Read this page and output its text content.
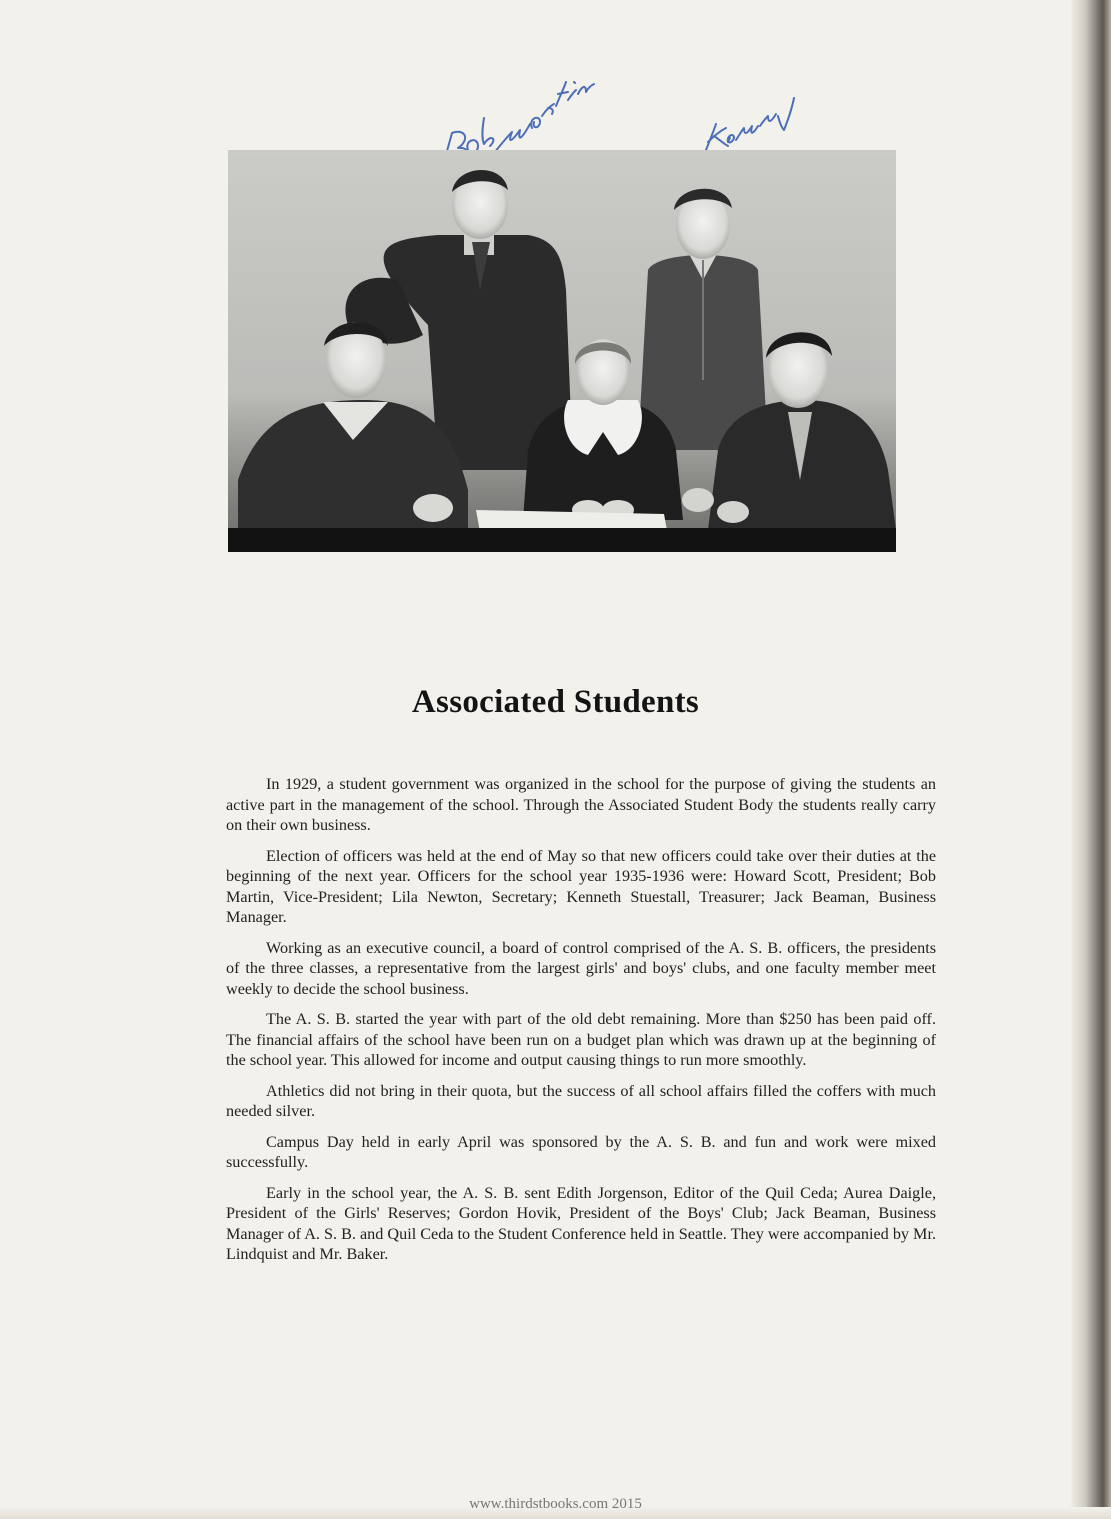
Associated Students

In 1929, a student government was organized in the school for the purpose of giving the students an active part in the management of the school. Through the Associated Student Body the students really carry on their own business.

Election of officers was held at the end of May so that new officers could take over their duties at the beginning of the next year. Officers for the school year 1935-1936 were: Howard Scott, President; Bob Martin, Vice-President; Lila Newton, Secretary; Kenneth Stuestall, Treasurer; Jack Beaman, Business Manager.

Working as an executive council, a board of control comprised of the A. S. B. officers, the presidents of the three classes, a representative from the largest girls' and boys' clubs, and one faculty member meet weekly to decide the school business.

The A. S. B. started the year with part of the old debt remaining. More than $250 has been paid off. The financial affairs of the school have been run on a budget plan which was drawn up at the beginning of the school year. This allowed for income and output causing things to run more smoothly.

Athletics did not bring in their quota, but the success of all school affairs filled the coffers with much needed silver.

Campus Day held in early April was sponsored by the A. S. B. and fun and work were mixed successfully.

Early in the school year, the A. S. B. sent Edith Jorgenson, Editor of the Quil Ceda; Aurea Daigle, President of the Girls' Reserves; Gordon Hovik, President of the Boys' Club; Jack Beaman, Business Manager of A. S. B. and Quil Ceda to the Student Conference held in Seattle. They were accompanied by Mr. Lindquist and Mr. Baker.

www.thirdstbooks.com 2015
